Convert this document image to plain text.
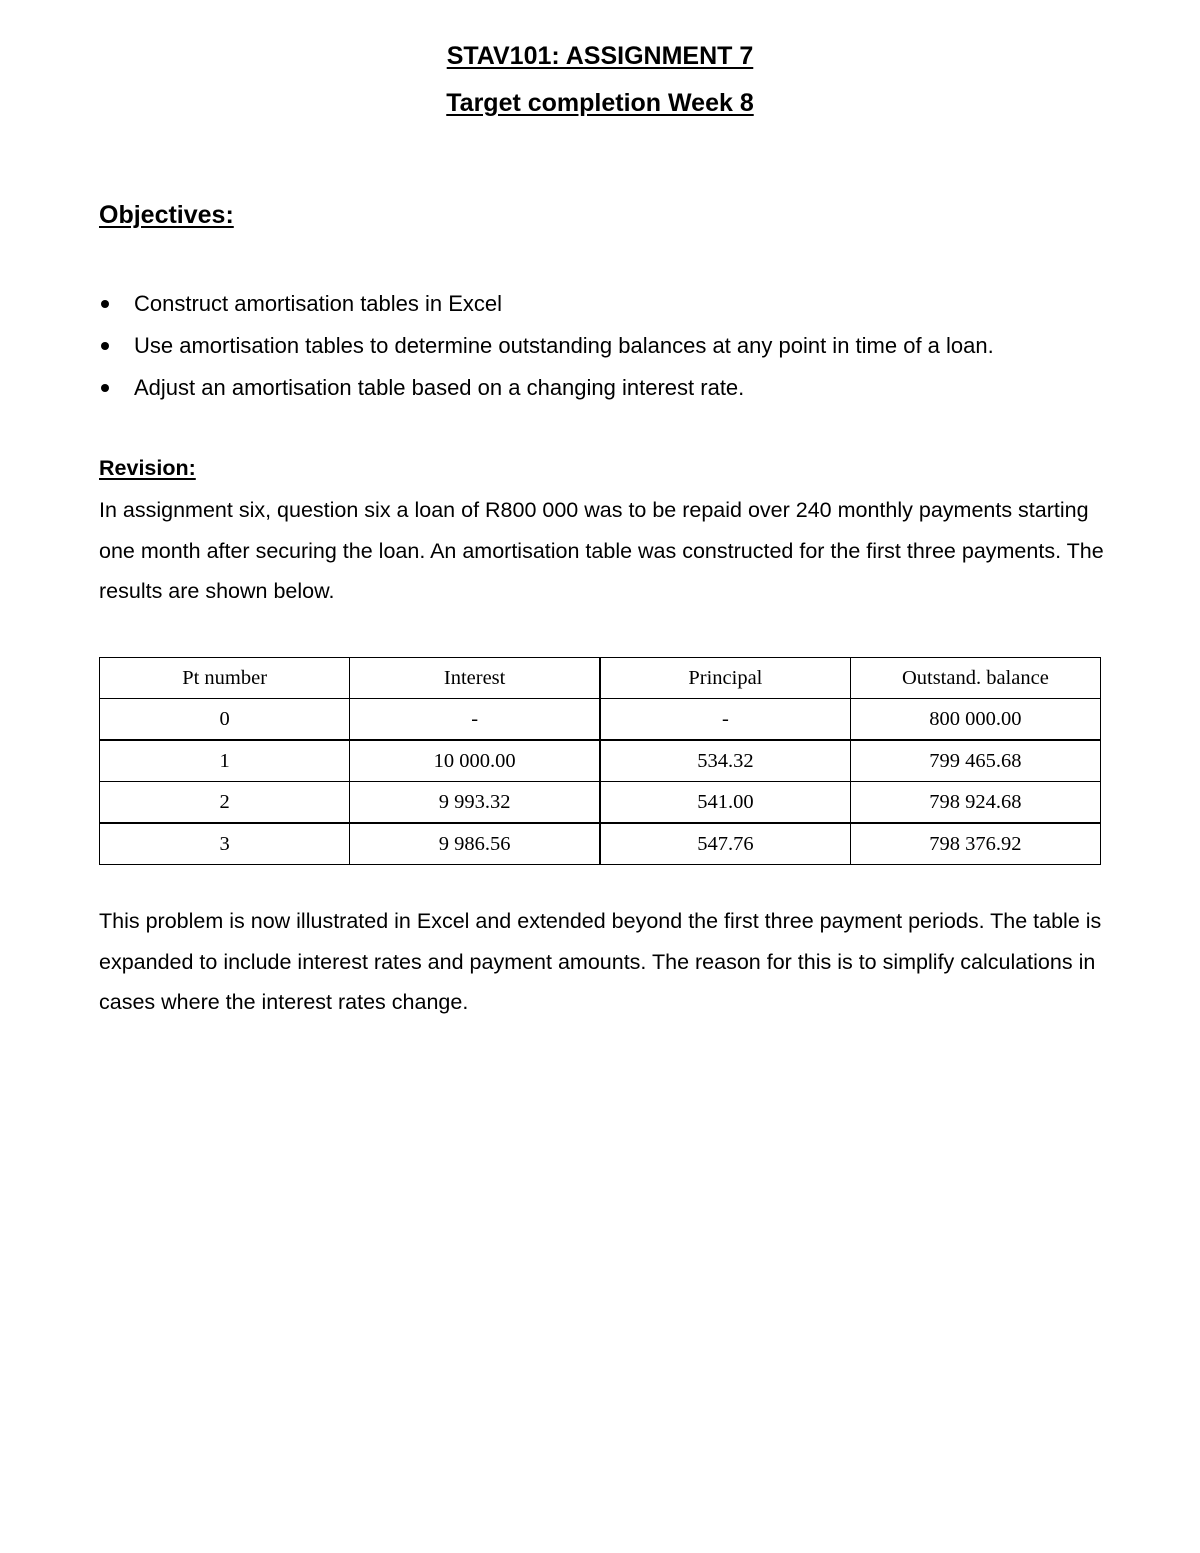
STAV101: ASSIGNMENT 7
Target completion Week 8
Objectives:
Construct amortisation tables in Excel
Use amortisation tables to determine outstanding balances at any point in time of a loan.
Adjust an amortisation table based on a changing interest rate.
Revision:

In assignment six, question six a loan of R800 000 was to be repaid over 240 monthly payments starting one month after securing the loan. An amortisation table was constructed for the first three payments. The results are shown below.

Pt number	Interest	Principal	Outstand. balance
0	-	-	800 000.00
1	10 000.00	534.32	799 465.68
2	9 993.32	541.00	798 924.68
3	9 986.56	547.76	798 376.92

This problem is now illustrated in Excel and extended beyond the first three payment periods. The table is expanded to include interest rates and payment amounts. The reason for this is to simplify calculations in cases where the interest rates change.
